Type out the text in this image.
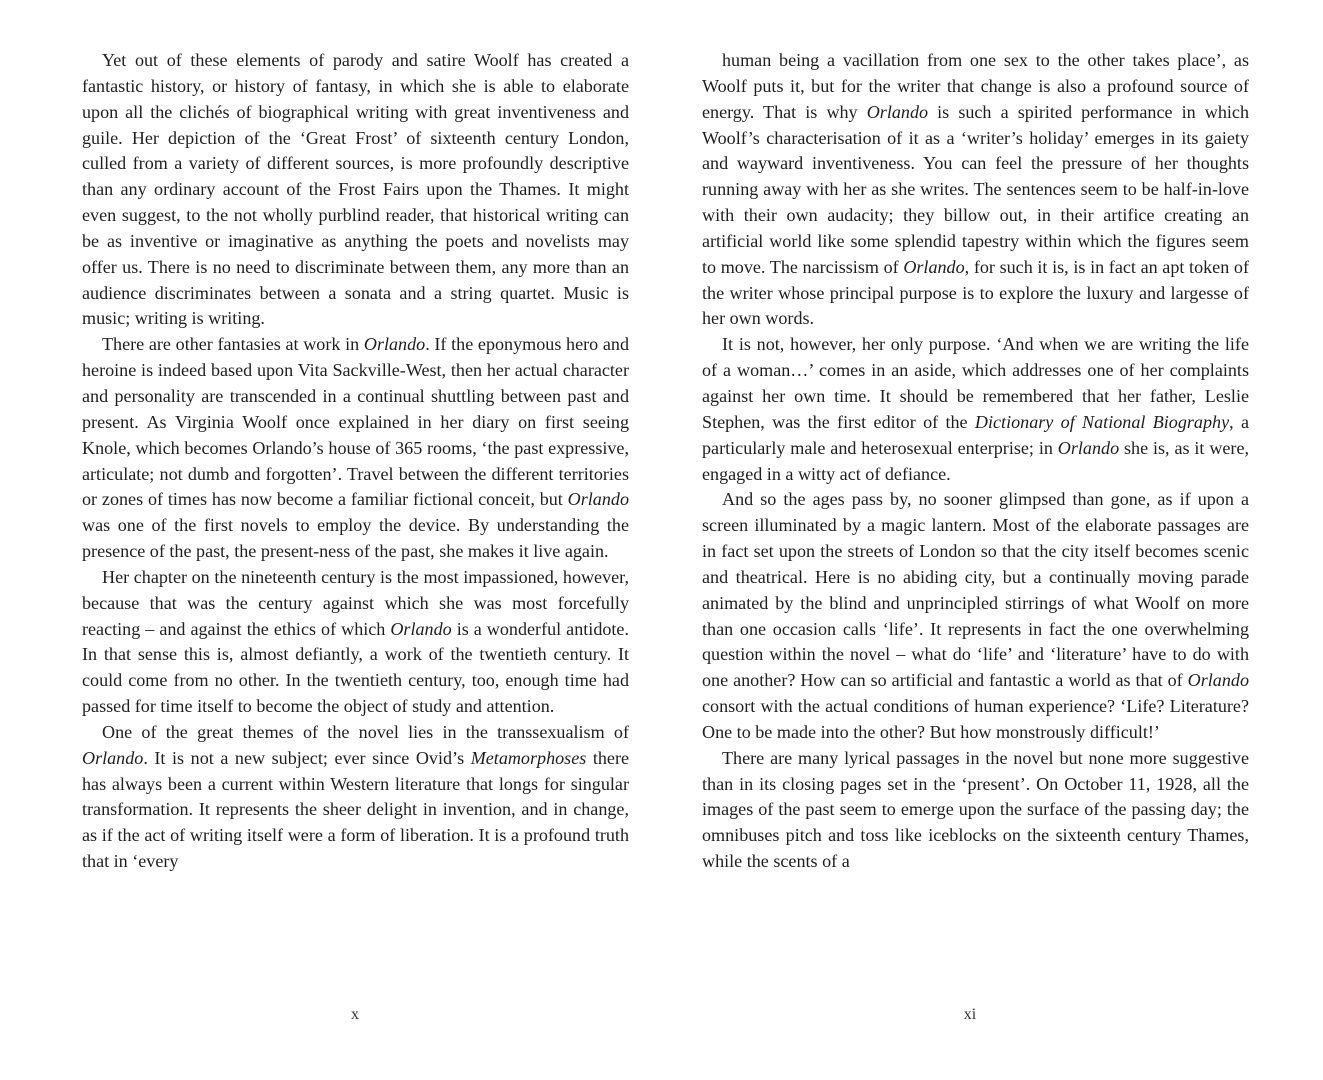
Yet out of these elements of parody and satire Woolf has created a fantastic history, or history of fantasy, in which she is able to elaborate upon all the clichés of biographical writing with great inventiveness and guile. Her depiction of the ‘Great Frost’ of sixteenth century London, culled from a variety of different sources, is more profoundly descriptive than any ordinary account of the Frost Fairs upon the Thames. It might even suggest, to the not wholly purblind reader, that historical writing can be as inventive or imaginative as anything the poets and novelists may offer us. There is no need to discriminate between them, any more than an audience discriminates between a sonata and a string quartet. Music is music; writing is writing.

There are other fantasies at work in Orlando. If the eponymous hero and heroine is indeed based upon Vita Sackville-West, then her actual character and personality are transcended in a continual shuttling between past and present. As Virginia Woolf once explained in her diary on first seeing Knole, which becomes Orlando’s house of 365 rooms, ‘the past expressive, articulate; not dumb and forgotten’. Travel between the different territories or zones of times has now become a familiar fictional conceit, but Orlando was one of the first novels to employ the device. By understanding the presence of the past, the present-ness of the past, she makes it live again.

Her chapter on the nineteenth century is the most impassioned, however, because that was the century against which she was most forcefully reacting – and against the ethics of which Orlando is a wonderful antidote. In that sense this is, almost defiantly, a work of the twentieth century. It could come from no other. In the twentieth century, too, enough time had passed for time itself to become the object of study and attention.

One of the great themes of the novel lies in the transsexualism of Orlando. It is not a new subject; ever since Ovid’s Metamorphoses there has always been a current within Western literature that longs for singular transformation. It represents the sheer delight in invention, and in change, as if the act of writing itself were a form of liberation. It is a profound truth that in ‘every

human being a vacillation from one sex to the other takes place’, as Woolf puts it, but for the writer that change is also a profound source of energy. That is why Orlando is such a spirited performance in which Woolf’s characterisation of it as a ‘writer’s holiday’ emerges in its gaiety and wayward inventiveness. You can feel the pressure of her thoughts running away with her as she writes. The sentences seem to be half-in-love with their own audacity; they billow out, in their artifice creating an artificial world like some splendid tapestry within which the figures seem to move. The narcissism of Orlando, for such it is, is in fact an apt token of the writer whose principal purpose is to explore the luxury and largesse of her own words.

It is not, however, her only purpose. ‘And when we are writing the life of a woman…’ comes in an aside, which addresses one of her complaints against her own time. It should be remembered that her father, Leslie Stephen, was the first editor of the Dictionary of National Biography, a particularly male and heterosexual enterprise; in Orlando she is, as it were, engaged in a witty act of defiance.

And so the ages pass by, no sooner glimpsed than gone, as if upon a screen illuminated by a magic lantern. Most of the elaborate passages are in fact set upon the streets of London so that the city itself becomes scenic and theatrical. Here is no abiding city, but a continually moving parade animated by the blind and unprincipled stirrings of what Woolf on more than one occasion calls ‘life’. It represents in fact the one overwhelming question within the novel – what do ‘life’ and ‘literature’ have to do with one another? How can so artificial and fantastic a world as that of Orlando consort with the actual conditions of human experience? ‘Life? Literature? One to be made into the other? But how monstrously difficult!’

There are many lyrical passages in the novel but none more suggestive than in its closing pages set in the ‘present’. On October 11, 1928, all the images of the past seem to emerge upon the surface of the passing day; the omnibuses pitch and toss like iceblocks on the sixteenth century Thames, while the scents of a

x	xi
